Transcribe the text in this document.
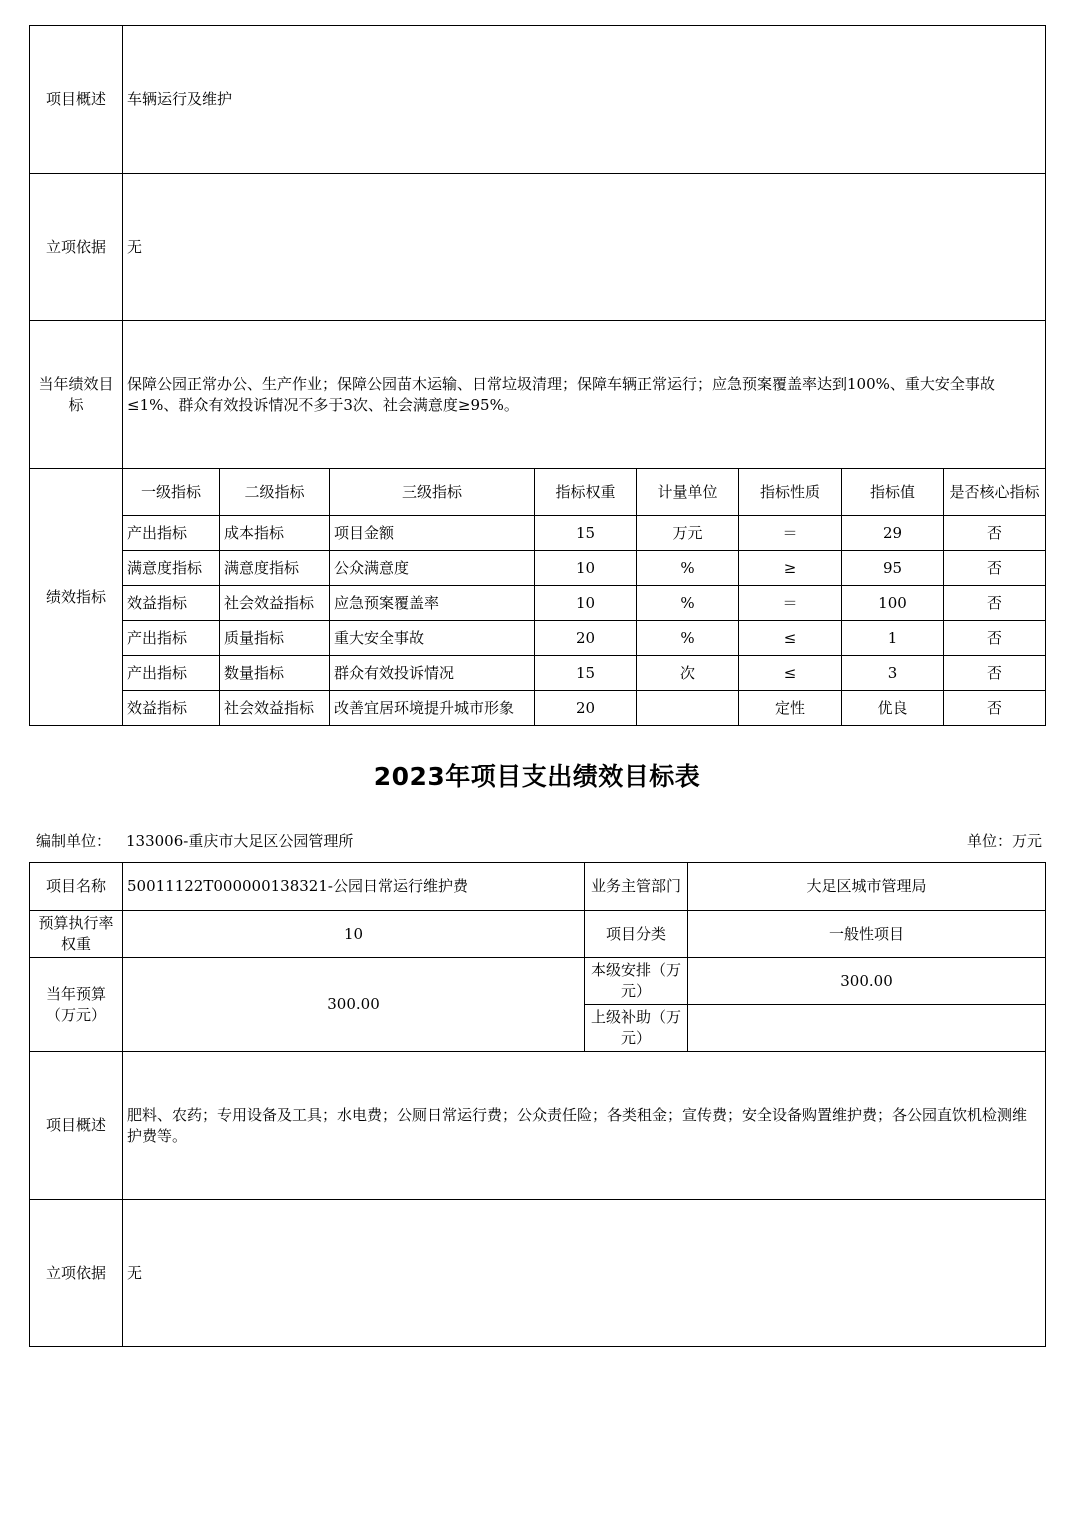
项目概述	车辆运行及维护							
立项依据	无							
当年绩效目标	保障公园正常办公、生产作业；保障公园苗木运输、日常垃圾清理；保障车辆正常运行；应急预案覆盖率达到100%、重大安全事故≤1%、群众有效投诉情况不多于3次、社会满意度≥95%。							
绩效指标	一级指标	二级指标	三级指标	指标权重	计量单位	指标性质	指标值	是否核心指标
	产出指标	成本指标	项目金额	15	万元	＝	29	否
	满意度指标	满意度指标	公众满意度	10	%	≥	95	否
	效益指标	社会效益指标	应急预案覆盖率	10	%	＝	100	否
	产出指标	质量指标	重大安全事故	20	%	≤	1	否
	产出指标	数量指标	群众有效投诉情况	15	次	≤	3	否
	效益指标	社会效益指标	改善宜居环境提升城市形象	20		定性	优良	否
2023年项目支出绩效目标表
编制单位： 133006-重庆市大足区公园管理所	单位：万元
项目名称	50011122T000000138321-公园日常运行维护费	业务主管部门	大足区城市管理局
预算执行率权重	10	项目分类	一般性项目
当年预算（万元）	300.00	本级安排（万元）	300.00
		上级补助（万元）	
项目概述	肥料、农药；专用设备及工具；水电费；公厕日常运行费；公众责任险；各类租金；宣传费；安全设备购置维护费；各公园直饮机检测维护费等。		
立项依据	无		
